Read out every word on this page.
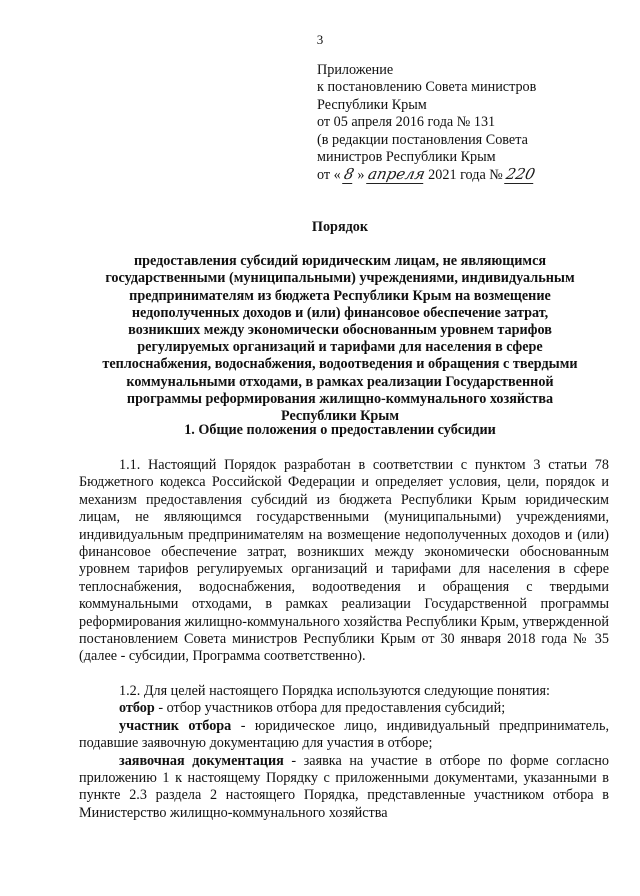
3
Приложение
к постановлению Совета министров
Республики Крым
от 05 апреля 2016 года № 131
(в редакции постановления Совета
министров Республики Крым
от « 8 » апреля 2021 года № 220
Порядок
предоставления субсидий юридическим лицам, не являющимся
государственными (муниципальными) учреждениями, индивидуальным
предпринимателям из бюджета Республики Крым на возмещение
недополученных доходов и (или) финансовое обеспечение затрат,
возникших между экономически обоснованным уровнем тарифов
регулируемых организаций и тарифами для населения в сфере
теплоснабжения, водоснабжения, водоотведения и обращения с твердыми
коммунальными отходами, в рамках реализации Государственной
программы реформирования жилищно-коммунального хозяйства
Республики Крым
1. Общие положения о предоставлении субсидии

1.1. Настоящий Порядок разработан в соответствии с пунктом 3 статьи 78 Бюджетного кодекса Российской Федерации и определяет условия, цели, порядок и механизм предоставления субсидий из бюджета Республики Крым юридическим лицам, не являющимся государственными (муниципальными) учреждениями, индивидуальным предпринимателям на возмещение недополученных доходов и (или) финансовое обеспечение затрат, возникших между экономически обоснованным уровнем тарифов регулируемых организаций и тарифами для населения в сфере теплоснабжения, водоснабжения, водоотведения и обращения с твердыми коммунальными отходами, в рамках реализации Государственной программы реформирования жилищно-коммунального хозяйства Республики Крым, утвержденной постановлением Совета министров Республики Крым от 30 января 2018 года № 35 (далее - субсидии, Программа соответственно).

1.2. Для целей настоящего Порядка используются следующие понятия:

отбор - отбор участников отбора для предоставления субсидий;

участник отбора - юридическое лицо, индивидуальный предприниматель, подавшие заявочную документацию для участия в отборе;

заявочная документация - заявка на участие в отборе по форме согласно приложению 1 к настоящему Порядку с приложенными документами, указанными в пункте 2.3 раздела 2 настоящего Порядка, представленные участником отбора в Министерство жилищно-коммунального хозяйства
